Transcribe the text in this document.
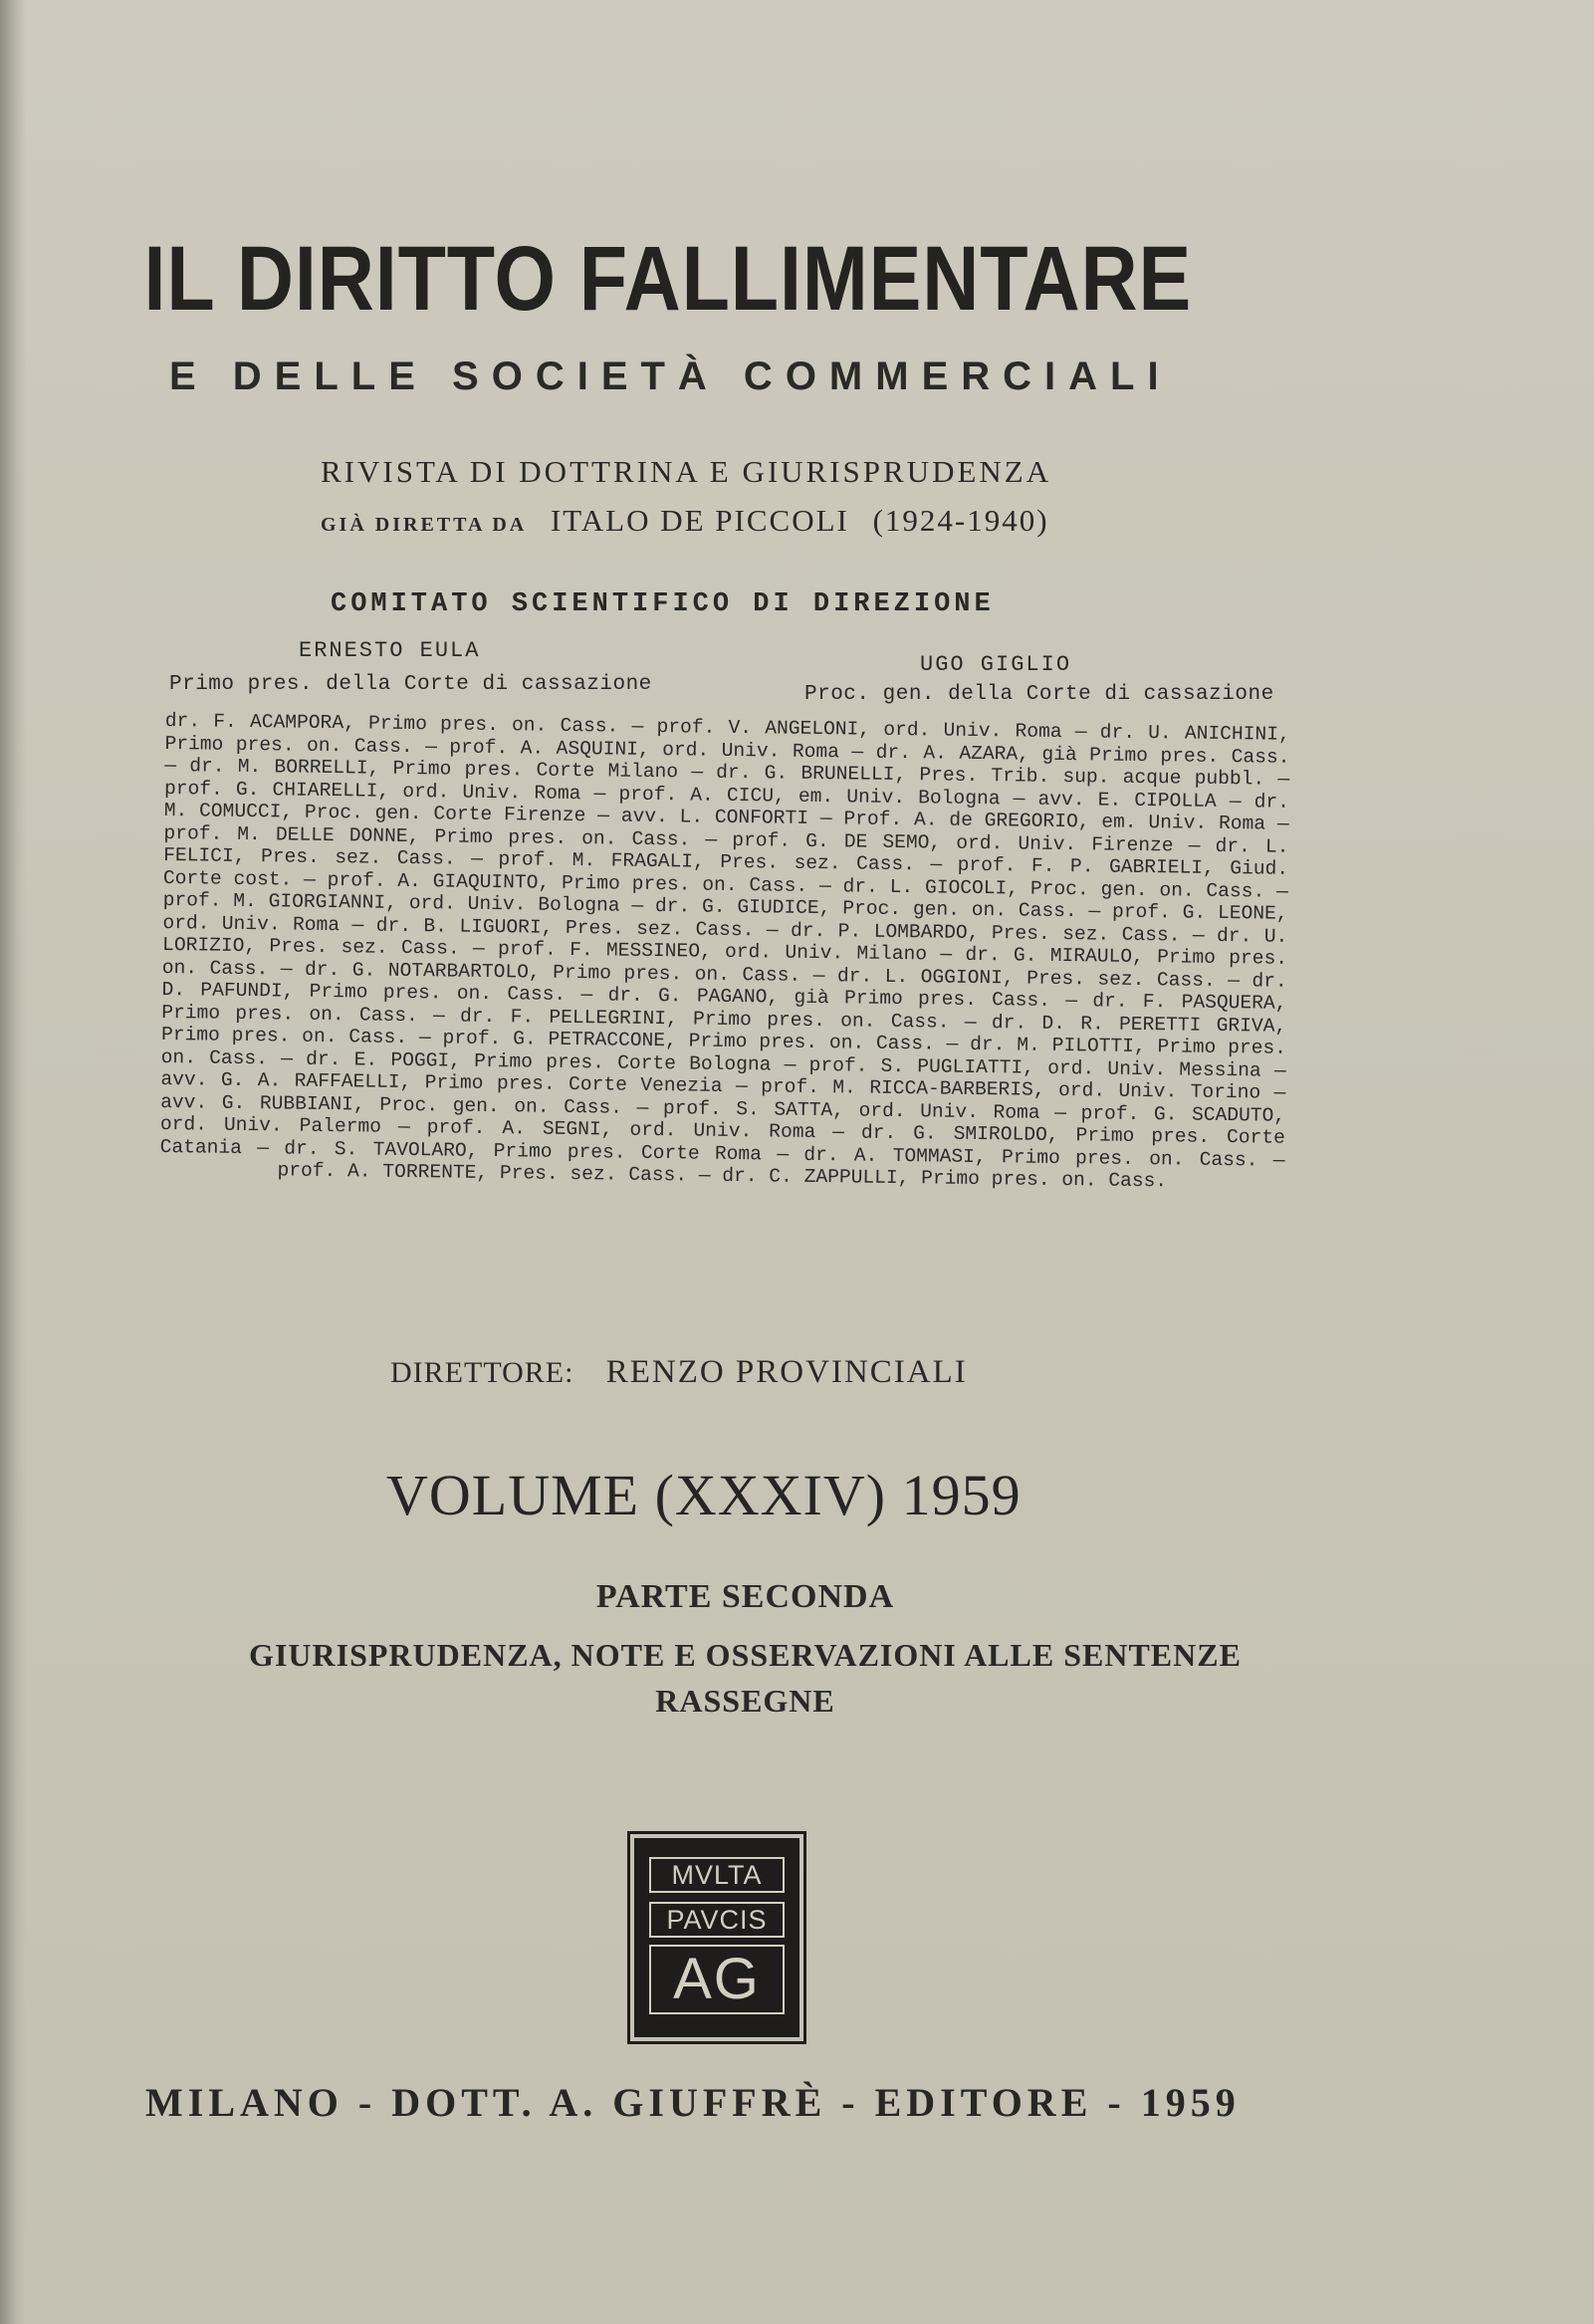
IL DIRITTO FALLIMENTARE
E DELLE SOCIETÀ COMMERCIALI
RIVISTA DI DOTTRINA E GIURISPRUDENZA
GIÀ DIRETTA DA ITALO DE PICCOLI (1924-1940)
COMITATO SCIENTIFICO DI DIREZIONE
ERNESTO EULA
Primo pres. della Corte di cassazione
UGO GIGLIO
Proc. gen. della Corte di cassazione
dr. F. ACAMPORA, Primo pres. on. Cass. — prof. V. ANGELONI, ord. Univ. Roma — dr. U. ANICHINI, Primo pres. on. Cass. — prof. A. ASQUINI, ord. Univ. Roma — dr. A. AZARA, già Primo pres. Cass. — dr. M. BORRELLI, Primo pres. Corte Milano — dr. G. BRUNELLI, Pres. Trib. sup. acque pubbl. — prof. G. CHIARELLI, ord. Univ. Roma — prof. A. CICU, em. Univ. Bologna — avv. E. CIPOLLA — dr. M. COMUCCI, Proc. gen. Corte Firenze — avv. L. CONFORTI — Prof. A. de GREGORIO, em. Univ. Roma — prof. M. DELLE DONNE, Primo pres. on. Cass. — prof. G. DE SEMO, ord. Univ. Firenze — dr. L. FELICI, Pres. sez. Cass. — prof. M. FRAGALI, Pres. sez. Cass. — prof. F. P. GABRIELI, Giud. Corte cost. — prof. A. GIAQUINTO, Primo pres. on. Cass. — dr. L. GIOCOLI, Proc. gen. on. Cass. — prof. M. GIORGIANNI, ord. Univ. Bologna — dr. G. GIUDICE, Proc. gen. on. Cass. — prof. G. LEONE, ord. Univ. Roma — dr. B. LIGUORI, Pres. sez. Cass. — dr. P. LOMBARDO, Pres. sez. Cass. — dr. U. LORIZIO, Pres. sez. Cass. — prof. F. MESSINEO, ord. Univ. Milano — dr. G. MIRAULO, Primo pres. on. Cass. — dr. G. NOTARBARTOLO, Primo pres. on. Cass. — dr. L. OGGIONI, Pres. sez. Cass. — dr. D. PAFUNDI, Primo pres. on. Cass. — dr. G. PAGANO, già Primo pres. Cass. — dr. F. PASQUERA, Primo pres. on. Cass. — dr. F. PELLEGRINI, Primo pres. on. Cass. — dr. D. R. PERETTI GRIVA, Primo pres. on. Cass. — prof. G. PETRACCONE, Primo pres. on. Cass. — dr. M. PILOTTI, Primo pres. on. Cass. — dr. E. POGGI, Primo pres. Corte Bologna — prof. S. PUGLIATTI, ord. Univ. Messina — avv. G. A. RAFFAELLI, Primo pres. Corte Venezia — prof. M. RICCA-BARBERIS, ord. Univ. Torino — avv. G. RUBBIANI, Proc. gen. on. Cass. — prof. S. SATTA, ord. Univ. Roma — prof. G. SCADUTO, ord. Univ. Palermo — prof. A. SEGNI, ord. Univ. Roma — dr. G. SMIROLDO, Primo pres. Corte Catania — dr. S. TAVOLARO, Primo pres. Corte Roma — dr. A. TOMMASI, Primo pres. on. Cass. — prof. A. TORRENTE, Pres. sez. Cass. — dr. C. ZAPPULLI, Primo pres. on. Cass.
DIRETTORE: RENZO PROVINCIALI
VOLUME (XXXIV) 1959
PARTE SECONDA
GIURISPRUDENZA, NOTE E OSSERVAZIONI ALLE SENTENZE
RASSEGNE
MVLTA
PAVCIS
AG
MILANO - DOTT. A. GIUFFRÈ - EDITORE - 1959
